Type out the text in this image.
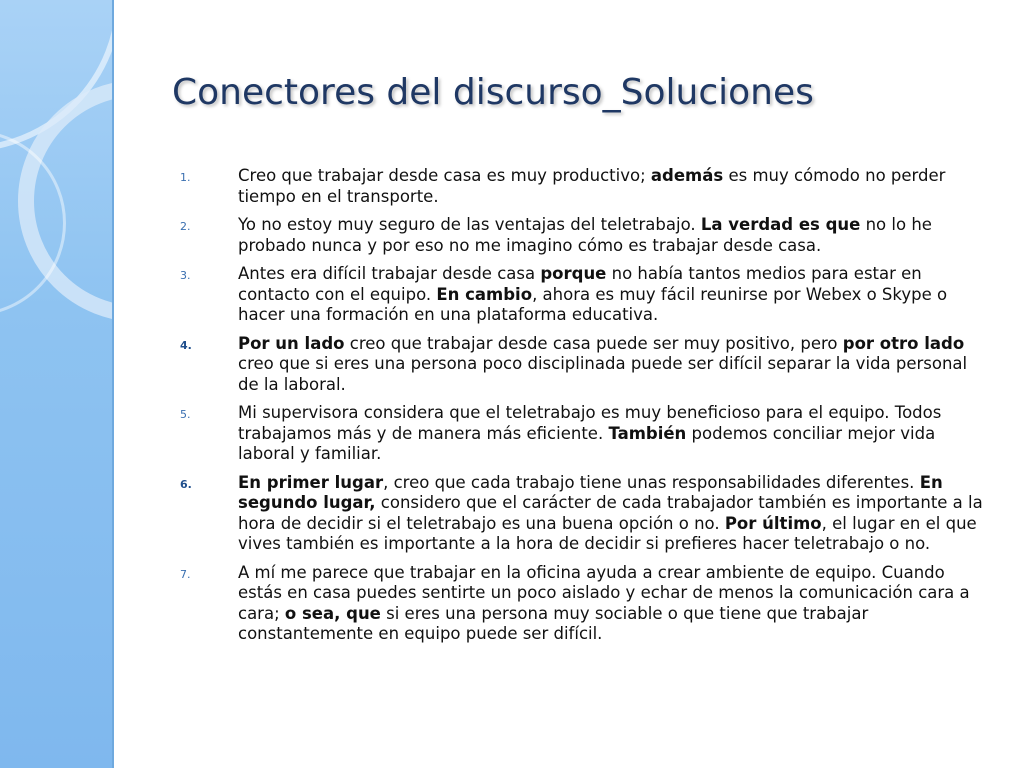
Conectores del discurso_Soluciones
1.	Creo que trabajar desde casa es muy productivo; además es muy cómodo no perder tiempo en el transporte.
2.	Yo no estoy muy seguro de las ventajas del teletrabajo. La verdad es que no lo he probado nunca y por eso no me imagino cómo es trabajar desde casa.
3.	Antes era difícil trabajar desde casa porque no había tantos medios para estar en contacto con el equipo. En cambio, ahora es muy fácil reunirse por Webex o Skype o hacer una formación en una plataforma educativa.
4.	Por un lado creo que trabajar desde casa puede ser muy positivo, pero por otro lado creo que si eres una persona poco disciplinada puede ser difícil separar la vida personal de la laboral.
5.	Mi supervisora considera que el teletrabajo es muy beneficioso para el equipo. Todos trabajamos más y de manera más eficiente. También podemos conciliar mejor vida laboral y familiar.
6.	En primer lugar, creo que cada trabajo tiene unas responsabilidades diferentes. En segundo lugar, considero que el carácter de cada trabajador también es importante a la hora de decidir si el teletrabajo es una buena opción o no. Por último, el lugar en el que vives también es importante a la hora de decidir si prefieres hacer teletrabajo o no.
7.	A mí me parece que trabajar en la oficina ayuda a crear ambiente de equipo. Cuando estás en casa puedes sentirte un poco aislado y echar de menos la comunicación cara a cara; o sea, que si eres una persona muy sociable o que tiene que trabajar constantemente en equipo puede ser difícil.
